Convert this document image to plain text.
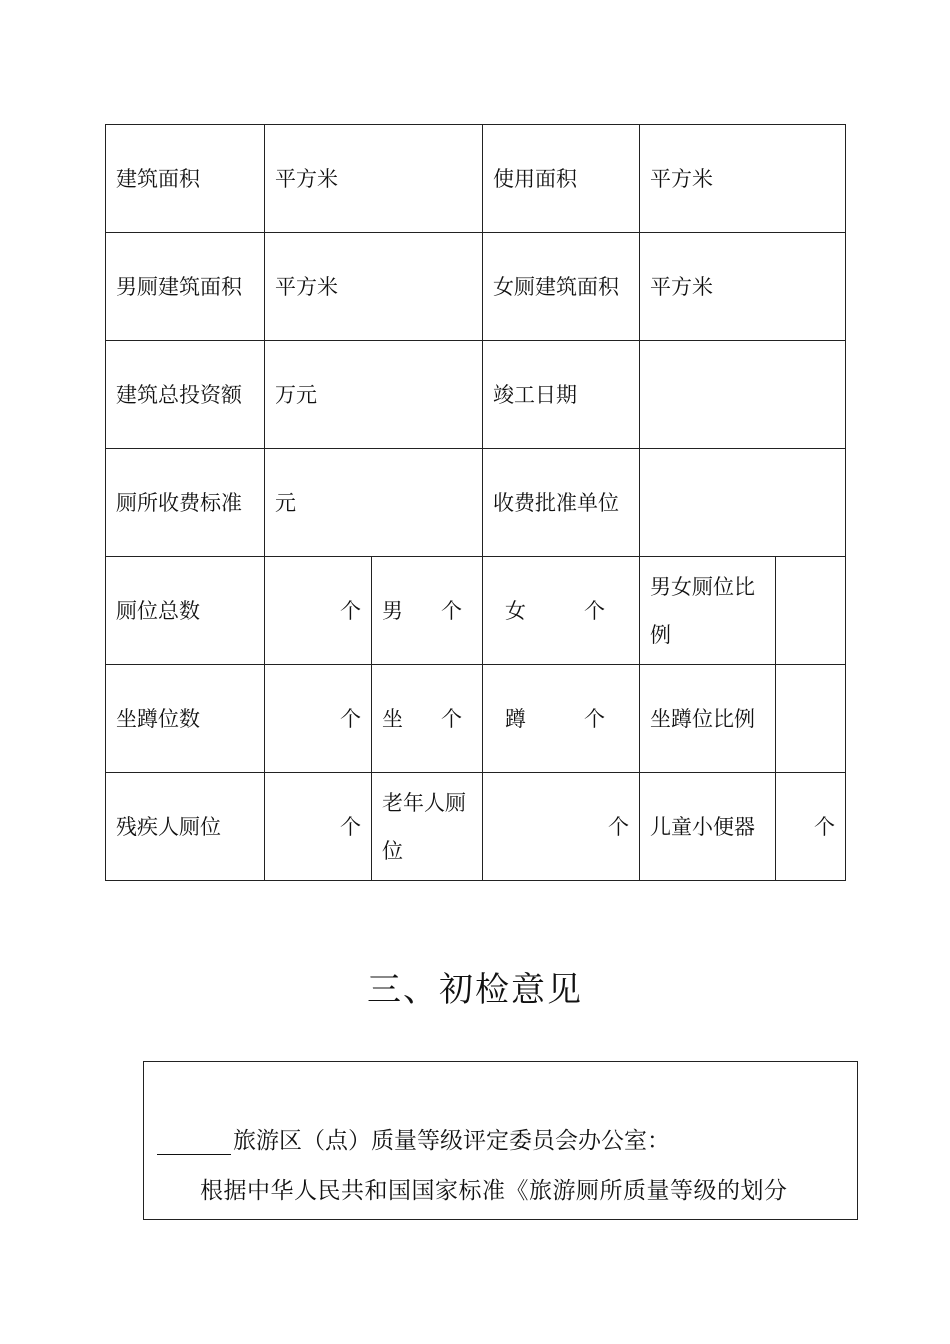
建筑面积	平方米		使用面积	平方米	
男厕建筑面积	平方米		女厕建筑面积	平方米	
建筑总投资额	万元		竣工日期		
厕所收费标准	元		收费批准单位		
厕位总数	个	男 个	女 个	男女厕位比例	
坐蹲位数	个	坐 个	蹲 个	坐蹲位比例	
残疾人厕位	个	老年人厕位	个	儿童小便器	个
三、初检意见
旅游区（点）质量等级评定委员会办公室：
根据中华人民共和国国家标准《旅游厕所质量等级的划分
